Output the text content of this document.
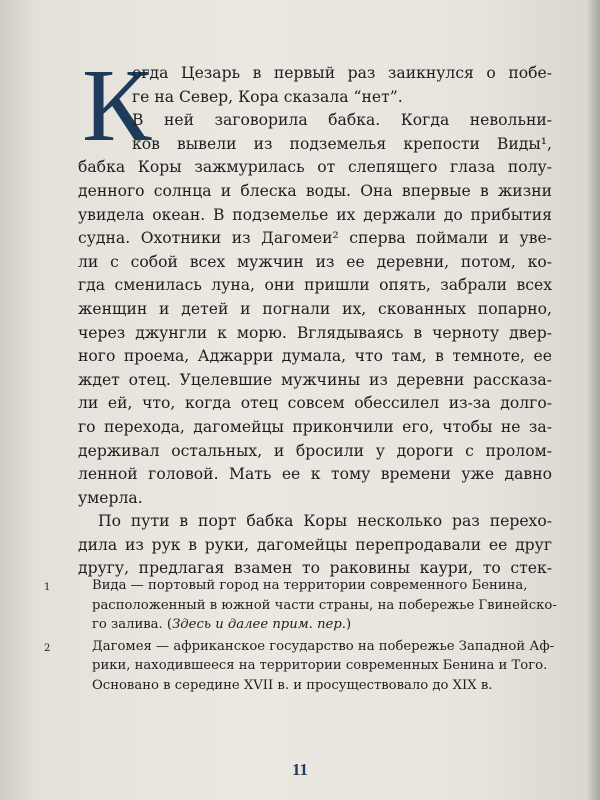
К
огда Цезарь в первый раз заикнулся о побе-
ге на Север, Кора сказала “нет”.
В ней заговорила бабка. Когда невольни-
ков вывели из подземелья крепости Виды¹,
бабка Коры зажмурилась от слепящего глаза полу-
денного солнца и блеска воды. Она впервые в жизни
увидела океан. В подземелье их держали до прибытия
судна. Охотники из Дагомеи² сперва поймали и уве-
ли с собой всех мужчин из ее деревни, потом, ко-
гда сменилась луна, они пришли опять, забрали всех
женщин и детей и погнали их, скованных попарно,
через джунгли к морю. Вглядываясь в черноту двер-
ного проема, Аджарри думала, что там, в темноте, ее
ждет отец. Уцелевшие мужчины из деревни рассказа-
ли ей, что, когда отец совсем обессилел из-за долго-
го перехода, дагомейцы прикончили его, чтобы не за-
держивал остальных, и бросили у дороги с пролом-
ленной головой. Мать ее к тому времени уже давно
умерла.
По пути в порт бабка Коры несколько раз перехо-
дила из рук в руки, дагомейцы перепродавали ее друг
другу, предлагая взамен то раковины каури, то стек-
1	Вида — портовый город на территории современного Бенина,
расположенный в южной части страны, на побережье Гвинейско-
го залива. (Здесь и далее прим. пер.)
2	Дагомея — африканское государство на побережье Западной Аф-
рики, находившееся на территории современных Бенина и Того.
Основано в середине XVII в. и просуществовало до XIX в.
11
